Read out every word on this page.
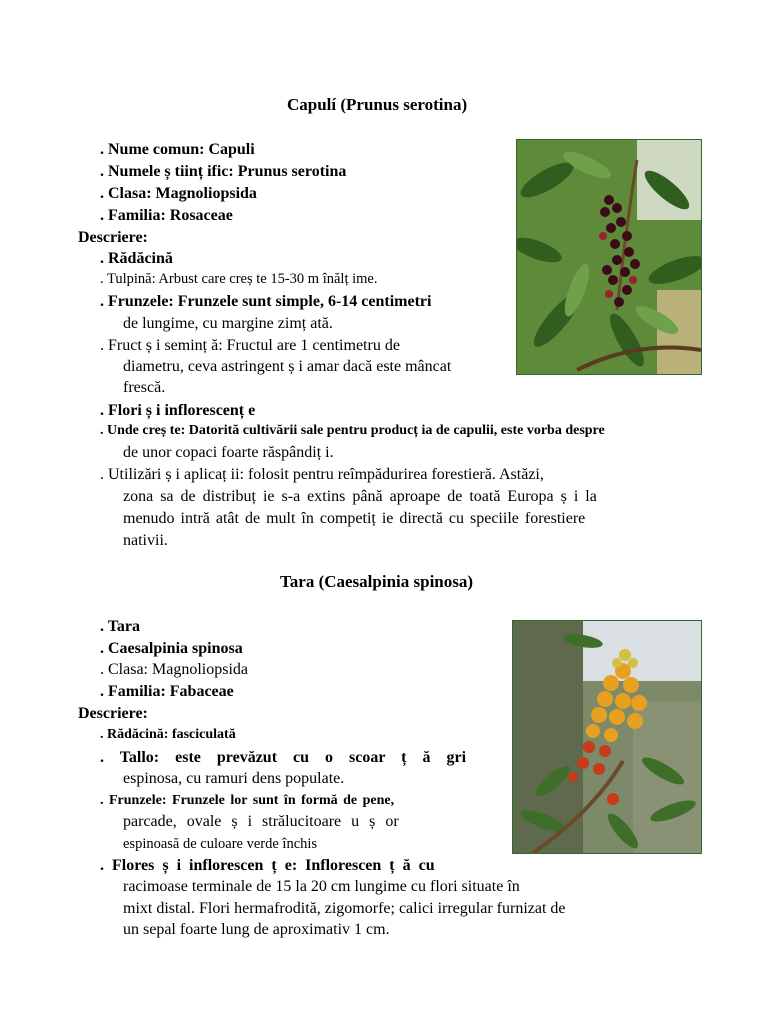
Capulí (Prunus serotina)
. Nume comun: Capuli
. Numele ș tiinț ific: Prunus serotina
. Clasa: Magnoliopsida
. Familia: Rosaceae
Descriere:
. Rădăcină
. Tulpină: Arbust care creș te 15-30 m înălț ime.
. Frunzele: Frunzele sunt simple, 6-14 centimetri
de lungime, cu margine zimț ată.
. Fruct ș i seminț ă: Fructul are 1 centimetru de
diametru, ceva astringent ș i amar dacă este mâncat
frescă.
. Flori ș i inflorescenț e
. Unde creș te: Datorită cultivării sale pentru producț ia de capulii, este vorba despre
de unor copaci foarte răspândiț i.
. Utilizări ș i aplicaț ii: folosit pentru reîmpădurirea forestieră. Astăzi,
zona sa de distribuț ie s-a extins până aproape de toată Europa ș i la
menudo intră atât de mult în competiț ie directă cu speciile forestiere
nativii.
Tara (Caesalpinia spinosa)
. Tara
. Caesalpinia spinosa
. Clasa: Magnoliopsida
. Familia: Fabaceae
Descriere:
. Rădăcină: fasciculată
. Tallo: este prevăzut cu o scoar ț ă gri
espinosa, cu ramuri dens populate.
. Frunzele: Frunzele lor sunt în formă de pene,
parcade, ovale ș i strălucitoare u ș or
espinoasă de culoare verde închis
. Flores ș i inflorescen ț e: Inflorescen ț ă cu
racimoase terminale de 15 la 20 cm lungime cu flori situate în
mixt distal. Flori hermafrodită, zigomorfe; calici irregular furnizat de
un sepal foarte lung de aproximativ 1 cm.
